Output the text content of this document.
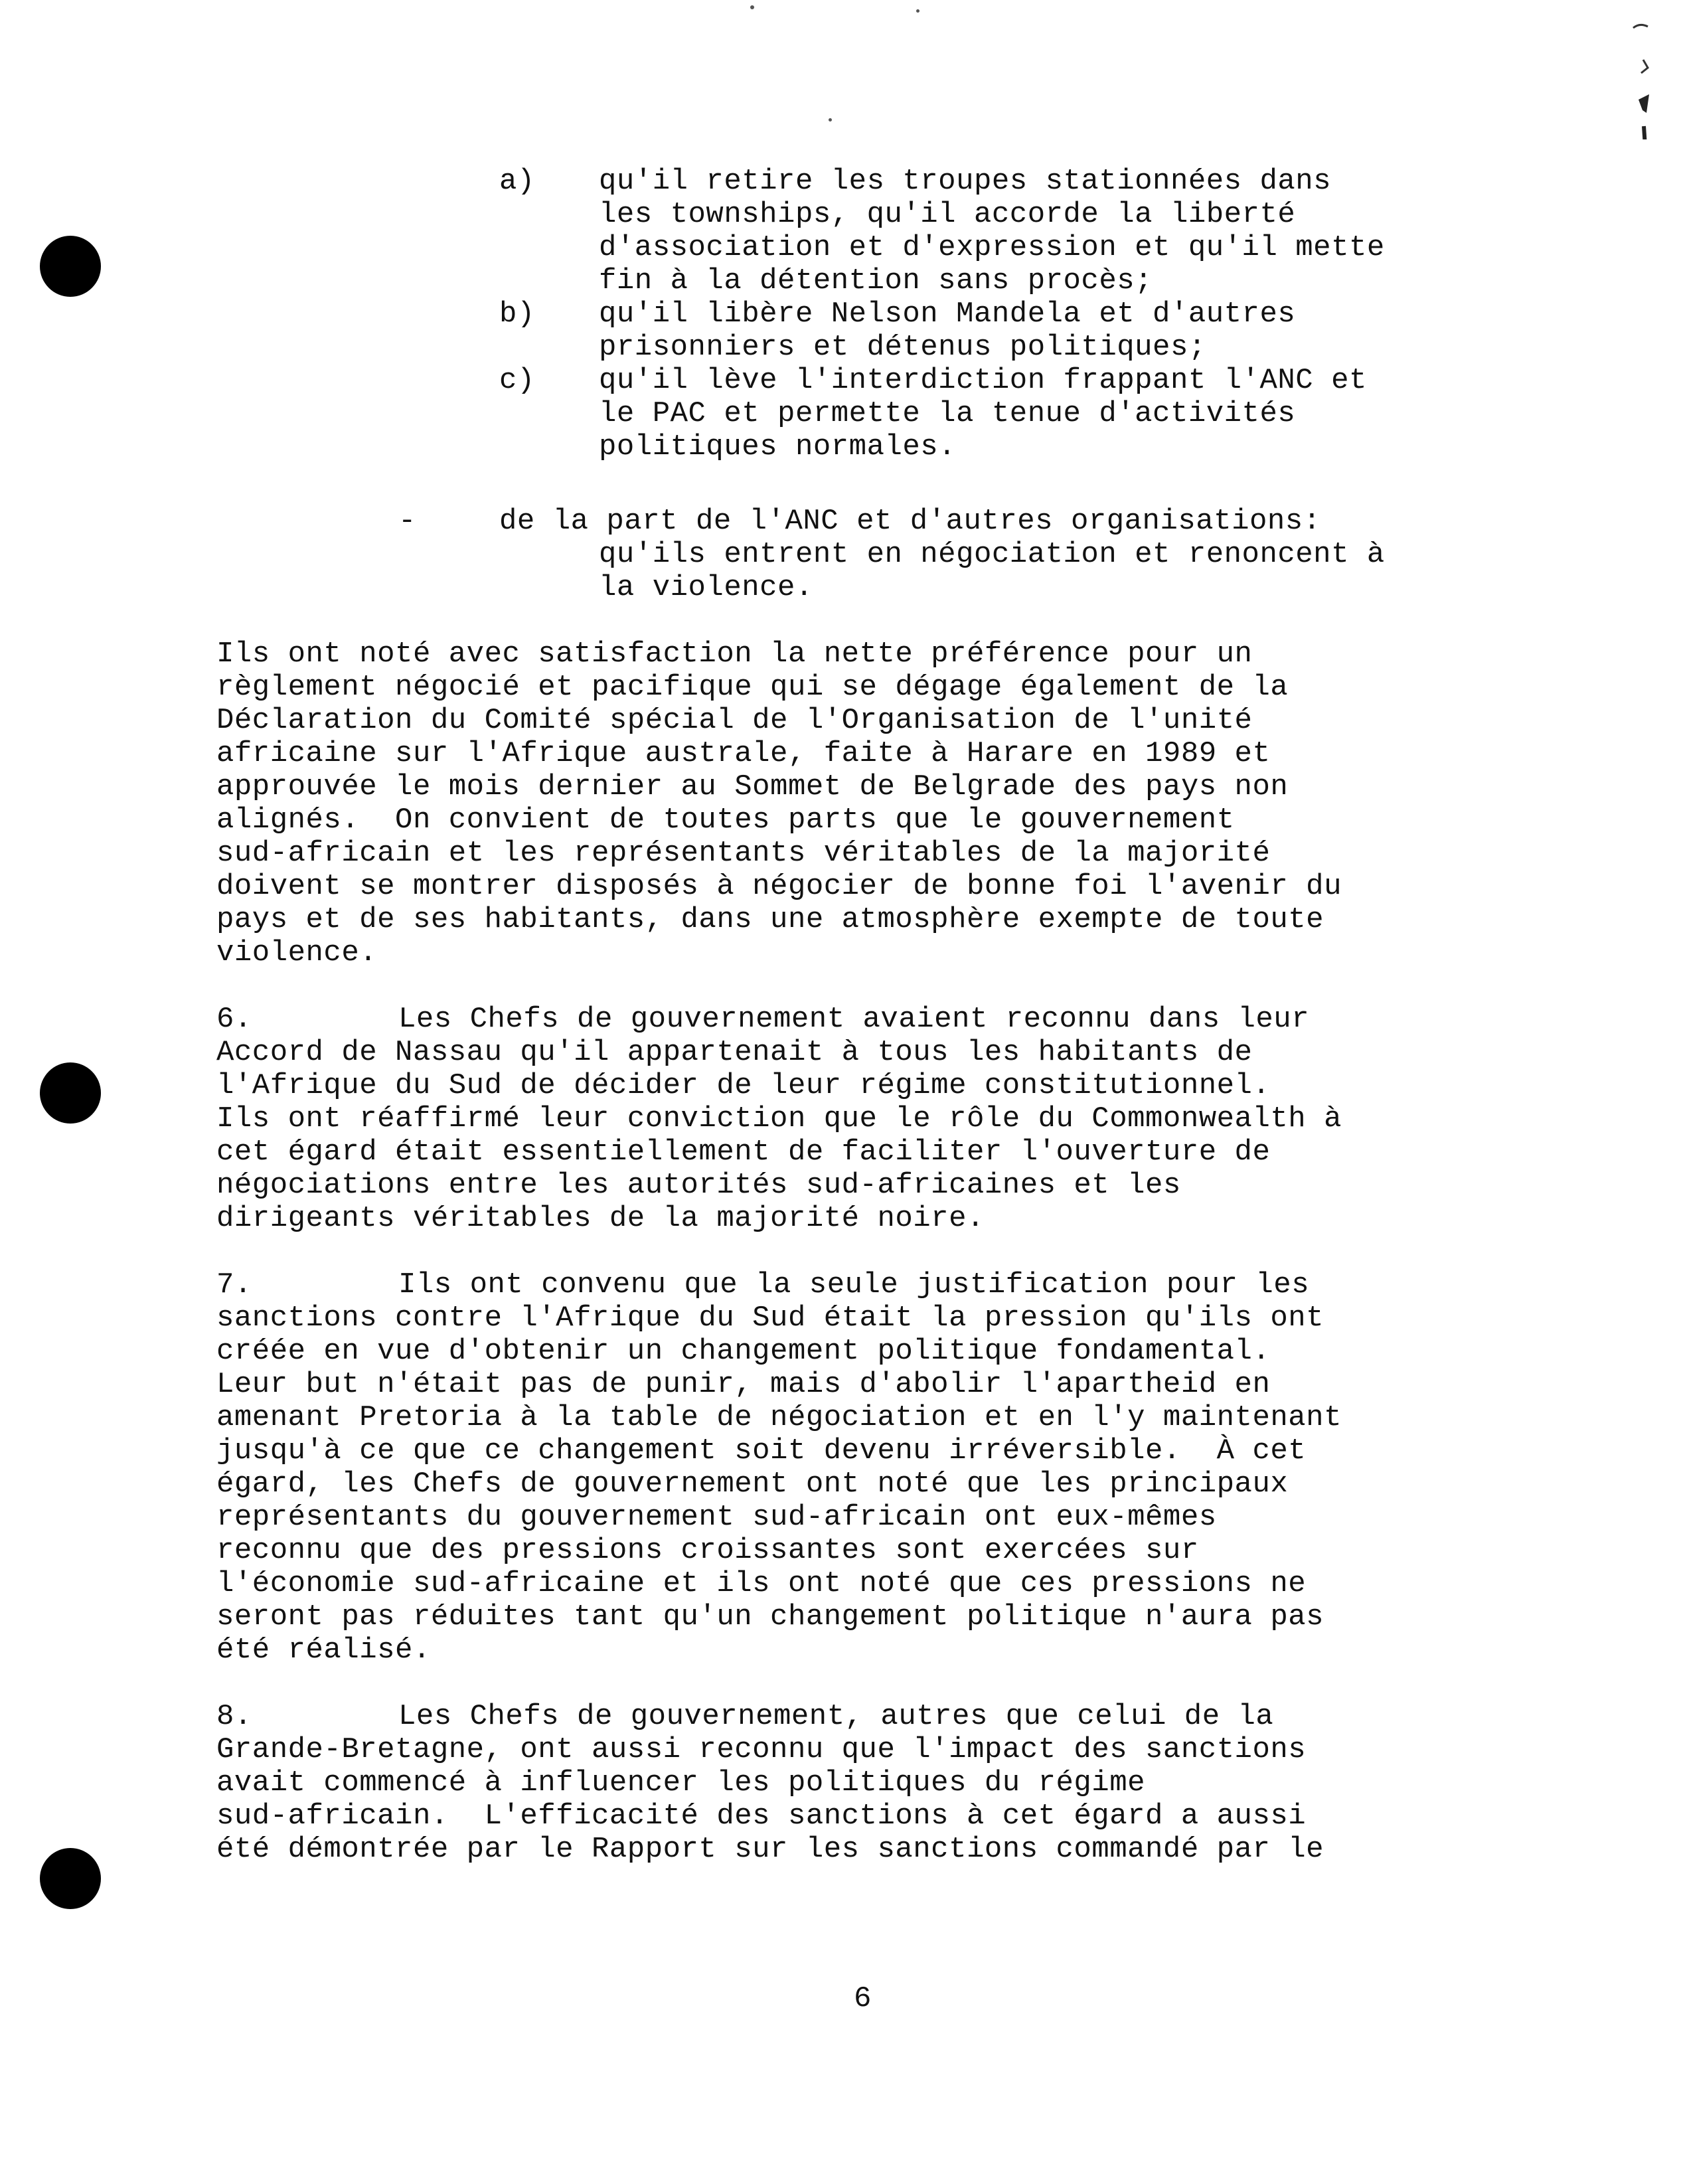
a) qu'il retire les troupes stationnées dans
les townships, qu'il accorde la liberté
d'association et d'expression et qu'il mette
fin à la détention sans procès;
b) qu'il libère Nelson Mandela et d'autres
prisonniers et détenus politiques;
c) qu'il lève l'interdiction frappant l'ANC et
le PAC et permette la tenue d'activités
politiques normales.
-	de la part de l'ANC et d'autres organisations:
qu'ils entrent en négociation et renoncent à
la violence.
Ils ont noté avec satisfaction la nette préférence pour un
règlement négocié et pacifique qui se dégage également de la
Déclaration du Comité spécial de l'Organisation de l'unité
africaine sur l'Afrique australe, faite à Harare en 1989 et
approuvée le mois dernier au Sommet de Belgrade des pays non
alignés.  On convient de toutes parts que le gouvernement
sud-africain et les représentants véritables de la majorité
doivent se montrer disposés à négocier de bonne foi l'avenir du
pays et de ses habitants, dans une atmosphère exempte de toute
violence.
6.	Les Chefs de gouvernement avaient reconnu dans leur
Accord de Nassau qu'il appartenait à tous les habitants de
l'Afrique du Sud de décider de leur régime constitutionnel.
Ils ont réaffirmé leur conviction que le rôle du Commonwealth à
cet égard était essentiellement de faciliter l'ouverture de
négociations entre les autorités sud-africaines et les
dirigeants véritables de la majorité noire.
7.	Ils ont convenu que la seule justification pour les
sanctions contre l'Afrique du Sud était la pression qu'ils ont
créée en vue d'obtenir un changement politique fondamental.
Leur but n'était pas de punir, mais d'abolir l'apartheid en
amenant Pretoria à la table de négociation et en l'y maintenant
jusqu'à ce que ce changement soit devenu irréversible.  À cet
égard, les Chefs de gouvernement ont noté que les principaux
représentants du gouvernement sud-africain ont eux-mêmes
reconnu que des pressions croissantes sont exercées sur
l'économie sud-africaine et ils ont noté que ces pressions ne
seront pas réduites tant qu'un changement politique n'aura pas
été réalisé.
8.	Les Chefs de gouvernement, autres que celui de la
Grande-Bretagne, ont aussi reconnu que l'impact des sanctions
avait commencé à influencer les politiques du régime
sud-africain.  L'efficacité des sanctions à cet égard a aussi
été démontrée par le Rapport sur les sanctions commandé par le
6
